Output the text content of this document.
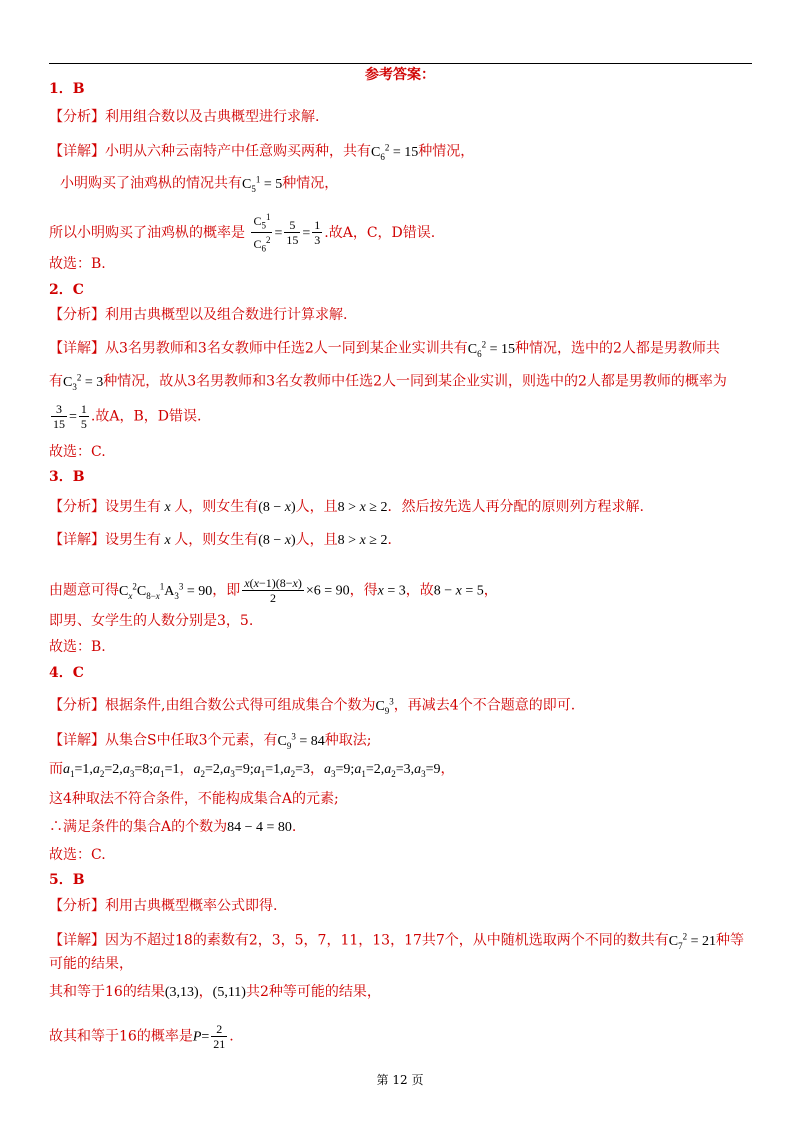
参考答案：
1．B
【分析】利用组合数以及古典概型进行求解.
【详解】小明从六种云南特产中任意购买两种，共有$C_6^2 = 15$种情况，
小明购买了油鸡枞的情况共有$C_5^1 = 5$种情况，
所以小明购买了油鸡枞的概率是 $\frac{C_5^1}{C_6^2} = \frac{5}{15} = \frac{1}{3}$ .故A，C，D错误.
故选：B.
2．C
【分析】利用古典概型以及组合数进行计算求解.
【详解】从3名男教师和3名女教师中任选2人一同到某企业实训共有$C_6^2 = 15$种情况，选中的2人都是男教师共
有$C_3^2 = 3$种情况，故从3名男教师和3名女教师中任选2人一同到某企业实训，则选中的2人都是男教师的概率为
$\frac{3}{15} = \frac{1}{5}$ .故A，B，D错误.
故选：C.
3．B
【分析】设男生有 x 人，则女生有(8 − x)人，且8 > x ≥ 2．然后按先选人再分配的原则列方程求解.
【详解】设男生有 x 人，则女生有(8 − x)人，且8 > x ≥ 2．
由题意可得$C_x^2C_{8-x}^1A_3^3 = 90$，即 $\frac{x(x-1)(8-x)}{2} \times 6 = 90$，得x = 3，故8 − x = 5，
即男、女学生的人数分别是3，5.
故选：B.
4．C
【分析】根据条件,由组合数公式得可组成集合个数为$C_9^3$，再减去4个不合题意的即可.
【详解】从集合S中任取3个元素，有$C_9^3 = 84$种取法;
而$a_1=1,a_2=2,a_3=8;a_1=1$，$a_2=2,a_3=9;a_1=1,a_2=3$，$a_3=9;a_1=2,a_2=3,a_3=9$，
这4种取法不符合条件，不能构成集合A的元素;
∴满足条件的集合A的个数为84 − 4 = 80.
故选：C.
5．B
【分析】利用古典概型概率公式即得.
【详解】因为不超过18的素数有2，3，5，7，11，13，17共7个，从中随机选取两个不同的数共有$C_7^2 = 21$种等
可能的结果，
其和等于16的结果(3,13)，(5,11)共2种等可能的结果，
故其和等于16的概率是$P= \frac{2}{21}$ .
第 12 页
